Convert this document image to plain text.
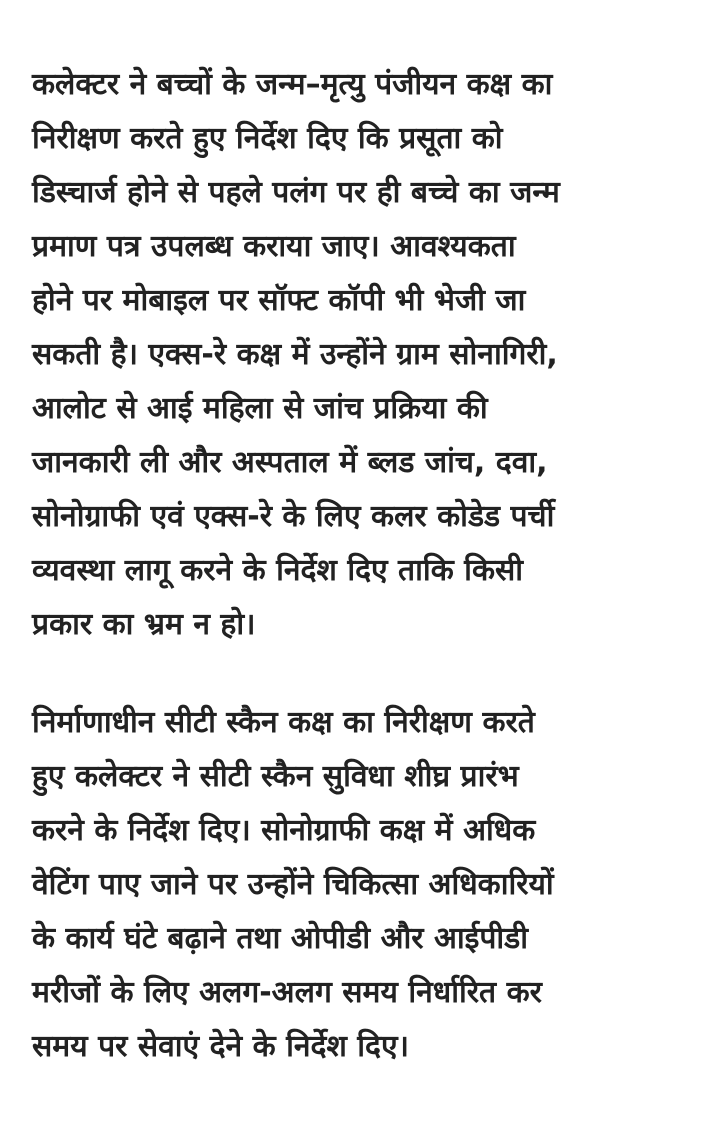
कलेक्टर ने बच्चों के जन्म–मृत्यु पंजीयन कक्ष का
निरीक्षण करते हुए निर्देश दिए कि प्रसूता को
डिस्चार्ज होने से पहले पलंग पर ही बच्चे का जन्म
प्रमाण पत्र उपलब्ध कराया जाए। आवश्यकता
होने पर मोबाइल पर सॉफ्ट कॉपी भी भेजी जा
सकती है। एक्स-रे कक्ष में उन्होंने ग्राम सोनागिरी,
आलोट से आई महिला से जांच प्रक्रिया की
जानकारी ली और अस्पताल में ब्लड जांच, दवा,
सोनोग्राफी एवं एक्स-रे के लिए कलर कोडेड पर्ची
व्यवस्था लागू करने के निर्देश दिए ताकि किसी
प्रकार का भ्रम न हो।

निर्माणाधीन सीटी स्कैन कक्ष का निरीक्षण करते
हुए कलेक्टर ने सीटी स्कैन सुविधा शीघ्र प्रारंभ
करने के निर्देश दिए। सोनोग्राफी कक्ष में अधिक
वेटिंग पाए जाने पर उन्होंने चिकित्सा अधिकारियों
के कार्य घंटे बढ़ाने तथा ओपीडी और आईपीडी
मरीजों के लिए अलग-अलग समय निर्धारित कर
समय पर सेवाएं देने के निर्देश दिए।
